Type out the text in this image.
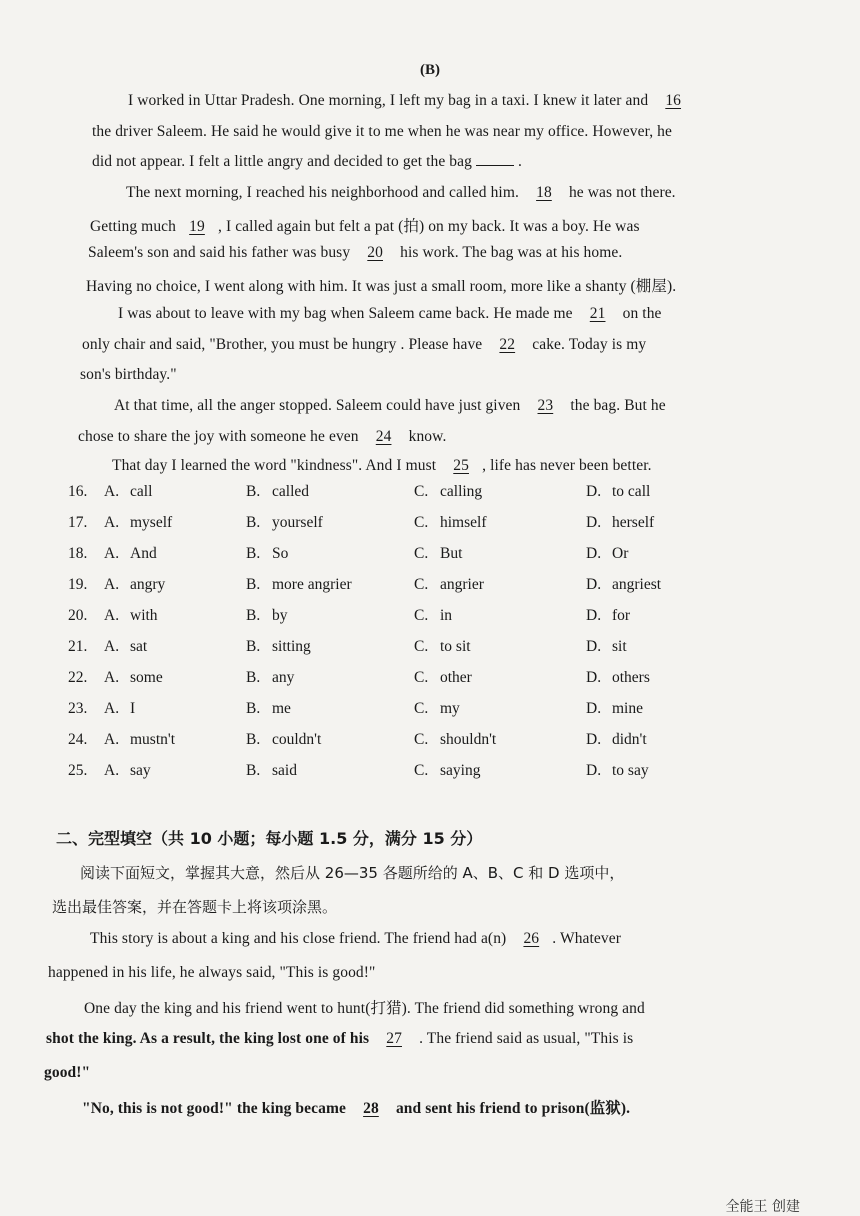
(B)
I worked in Uttar Pradesh. One morning, I left my bag in a taxi. I knew it later and 16
the driver Saleem. He said he would give it to me when he was near my office. However, he
did not appear. I felt a little angry and decided to get the bag	.
The next morning, I reached his neighborhood and called him. 18 he was not there.
Getting much 19 , I called again but felt a pat (拍) on my back. It was a boy. He was
Saleem's son and said his father was busy 20 his work. The bag was at his home.
Having no choice, I went along with him. It was just a small room, more like a shanty (棚屋).
I was about to leave with my bag when Saleem came back. He made me 21 on the
only chair and said, "Brother, you must be hungry . Please have 22 cake. Today is my
son's birthday."
At that time, all the anger stopped. Saleem could have just given 23 the bag. But he
chose to share the joy with someone he even 24 know.
That day I learned the word "kindness". And I must 25 , life has never been better.
16. A. call	B. called	C. calling	D. to call
17. A. myself	B. yourself	C. himself	D. herself
18. A. And	B. So	C. But	D. Or
19. A. angry	B. more angrier	C. angrier	D. angriest
20. A. with	B. by	C. in	D. for
21. A. sat	B. sitting	C. to sit	D. sit
22. A. some	B. any	C. other	D. others
23. A. I	B. me	C. my	D. mine
24. A. mustn't	B. couldn't	C. shouldn't	D. didn't
25. A. say	B. said	C. saying	D. to say
二、完型填空（共 10 小题；每小题 1.5 分，满分 15 分）
阅读下面短文，掌握其大意，然后从 26—35 各题所给的 A、B、C 和 D 选项中，
选出最佳答案，并在答题卡上将该项涂黑。
This story is about a king and his close friend. The friend had a(n) 26 . Whatever
happened in his life, he always said, "This is good!"
One day the king and his friend went to hunt(打猎). The friend did something wrong and
shot the king. As a result, the king lost one of his 27 . The friend said as usual, "This is
good!"
"No, this is not good!" the king became 28 and sent his friend to prison(监狱).
全能王 创建
